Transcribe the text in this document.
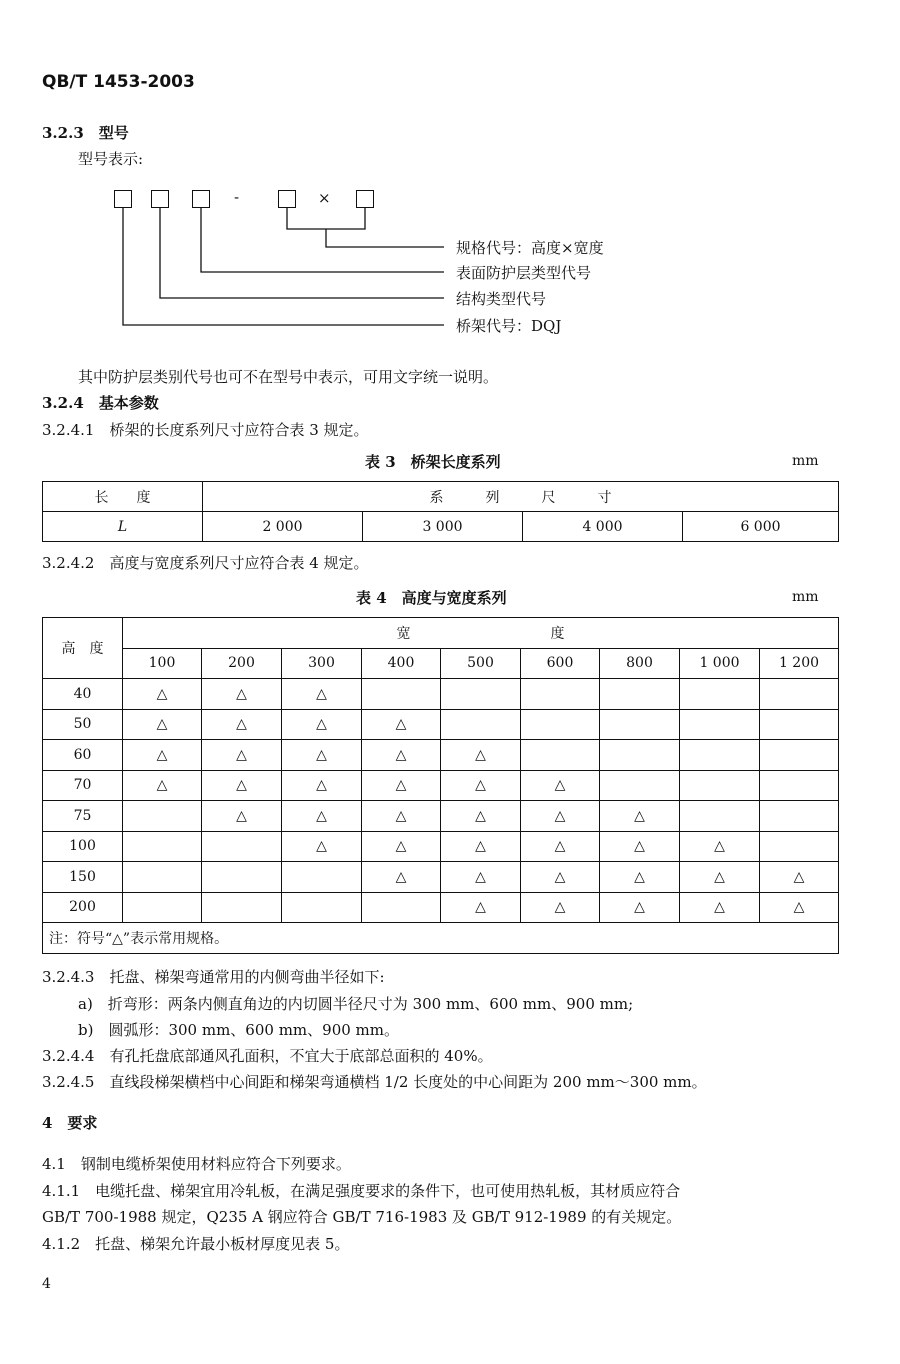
QB/T 1453-2003
3.2.3　型号
型号表示:
-	×
规格代号：高度×宽度
表面防护层类型代号
结构类型代号
桥架代号：DQJ
其中防护层类别代号也可不在型号中表示，可用文字统一说明。
3.2.4　基本参数
3.2.4.1　桥架的长度系列尺寸应符合表 3 规定。
表 3　桥架长度系列	mm
长　　度	系　　　列　　　尺　　　寸			
L	2 000	3 000	4 000	6 000
3.2.4.2　高度与宽度系列尺寸应符合表 4 规定。
表 4　高度与宽度系列	mm
高　度	宽　　　　　　　　　　度								
	100	200	300	400	500	600	800	1 000	1 200
40	△	△	△						
50	△	△	△	△					
60	△	△	△	△	△				
70	△	△	△	△	△	△			
75		△	△	△	△	△	△		
100			△	△	△	△	△	△	
150				△	△	△	△	△	△
200					△	△	△	△	△
注：符号“△”表示常用规格。									
3.2.4.3　托盘、梯架弯通常用的内侧弯曲半径如下:
a)　折弯形：两条内侧直角边的内切圆半径尺寸为 300 mm、600 mm、900 mm;
b)　圆弧形：300 mm、600 mm、900 mm。
3.2.4.4　有孔托盘底部通风孔面积，不宜大于底部总面积的 40%。
3.2.4.5　直线段梯架横档中心间距和梯架弯通横档 1/2 长度处的中心间距为 200 mm～300 mm。
4　要求
4.1　钢制电缆桥架使用材料应符合下列要求。
4.1.1　电缆托盘、梯架宜用冷轧板，在满足强度要求的条件下，也可使用热轧板，其材质应符合
GB/T 700-1988 规定，Q235 A 钢应符合 GB/T 716-1983 及 GB/T 912-1989 的有关规定。
4.1.2　托盘、梯架允许最小板材厚度见表 5。
4
